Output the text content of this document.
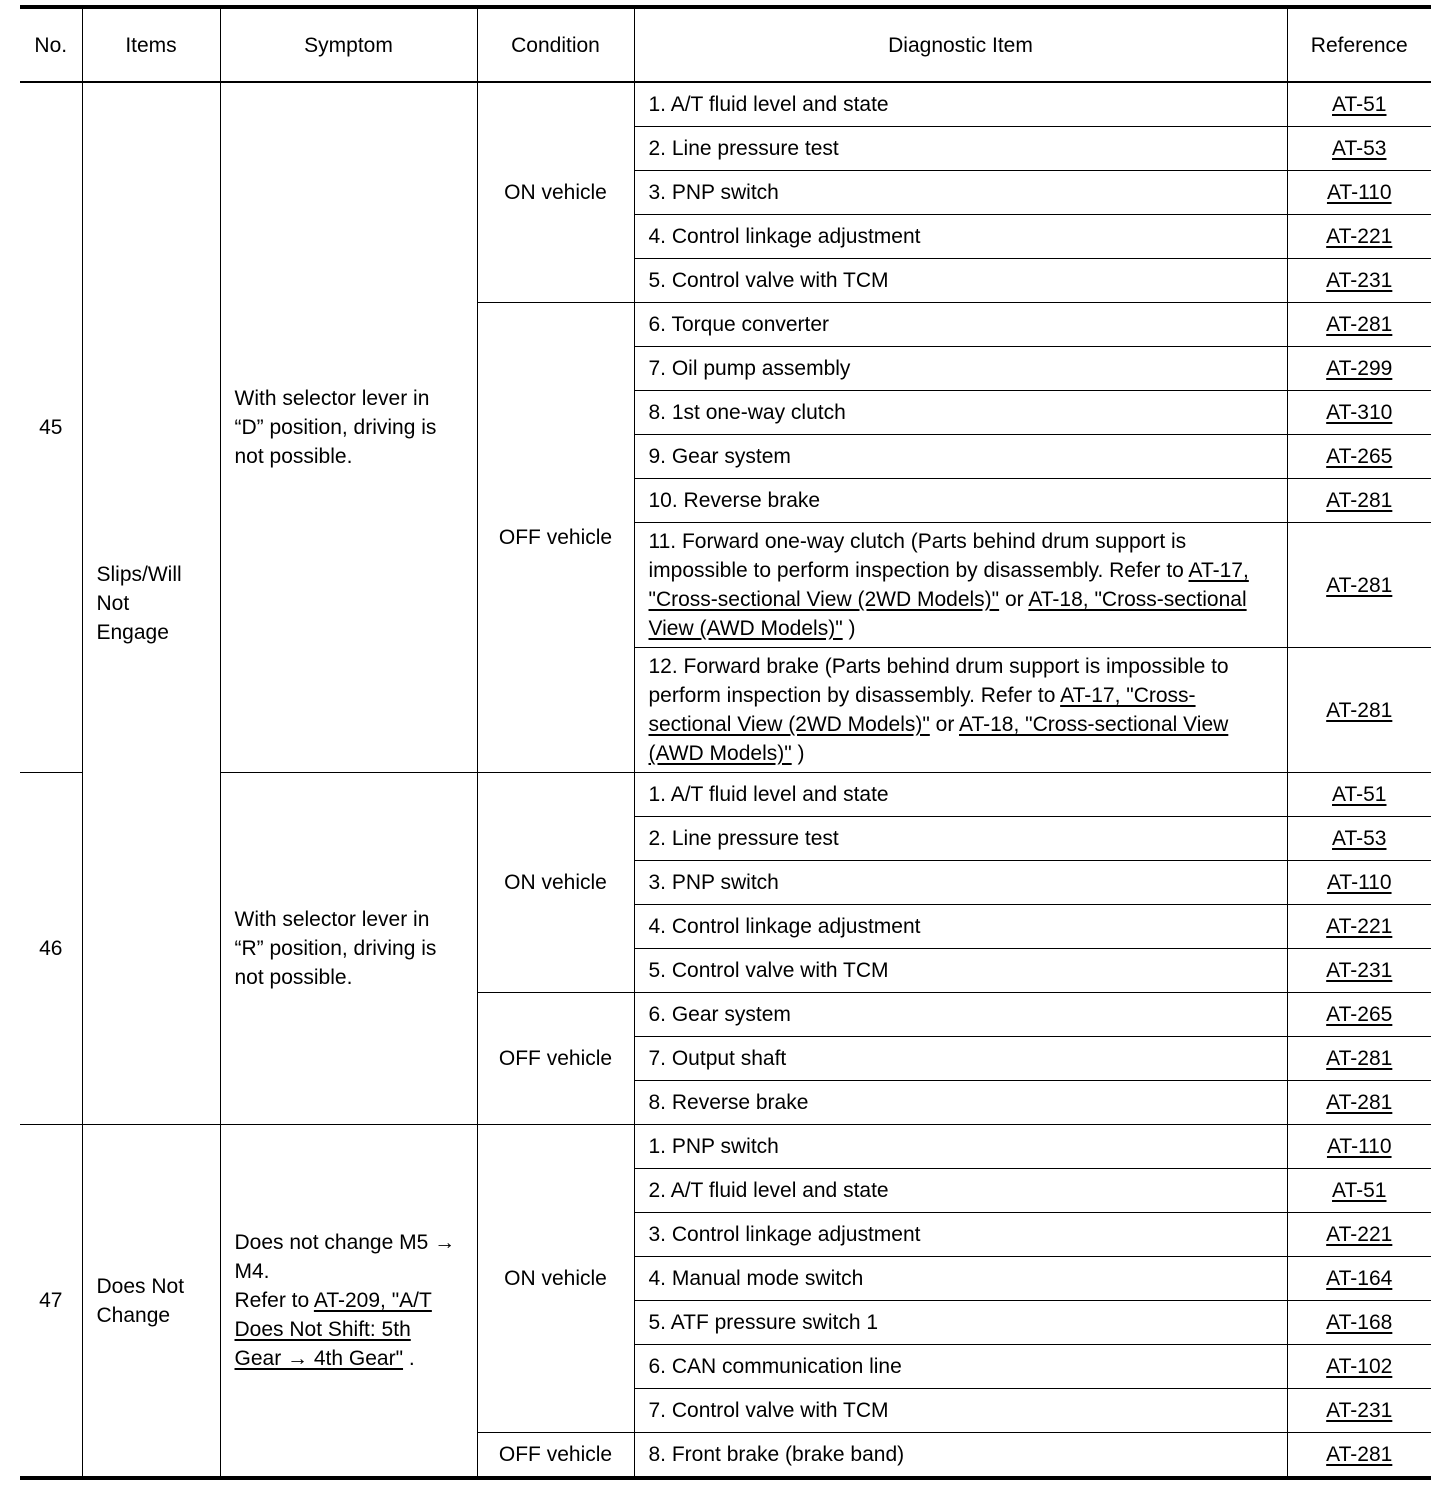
No.	Items	Symptom	Condition	Diagnostic Item	Reference
45	Slips/Will Not Engage	With selector lever in “D” position, driving is not possible.	ON vehicle	1. A/T fluid level and state	AT-51
				2. Line pressure test	AT-53
				3. PNP switch	AT-110
				4. Control linkage adjustment	AT-221
				5. Control valve with TCM	AT-231
			OFF vehicle	6. Torque converter	AT-281
				7. Oil pump assembly	AT-299
				8. 1st one-way clutch	AT-310
				9. Gear system	AT-265
				10. Reverse brake	AT-281
				11. Forward one-way clutch (Parts behind drum support is impossible to perform inspection by disassembly. Refer to AT-17, "Cross-sectional View (2WD Models)" or AT-18, "Cross-sectional View (AWD Models)" )	AT-281
				12. Forward brake (Parts behind drum support is impossible to perform inspection by disassembly. Refer to AT-17, "Cross-sectional View (2WD Models)" or AT-18, "Cross-sectional View (AWD Models)" )	AT-281
46		With selector lever in “R” position, driving is not possible.	ON vehicle	1. A/T fluid level and state	AT-51
				2. Line pressure test	AT-53
				3. PNP switch	AT-110
				4. Control linkage adjustment	AT-221
				5. Control valve with TCM	AT-231
			OFF vehicle	6. Gear system	AT-265
				7. Output shaft	AT-281
				8. Reverse brake	AT-281
47	Does Not Change	Does not change M5 → M4.
Refer to AT-209, "A/T Does Not Shift: 5th Gear → 4th Gear" .	ON vehicle	1. PNP switch	AT-110
				2. A/T fluid level and state	AT-51
				3. Control linkage adjustment	AT-221
				4. Manual mode switch	AT-164
				5. ATF pressure switch 1	AT-168
				6. CAN communication line	AT-102
				7. Control valve with TCM	AT-231
			OFF vehicle	8. Front brake (brake band)	AT-281
